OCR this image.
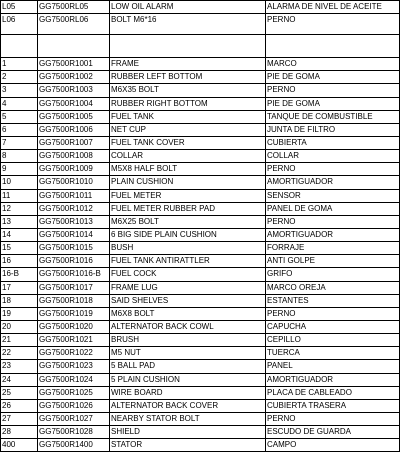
L05	GG7500RL05	LOW OIL ALARM	ALARMA DE NIVEL DE ACEITE
L06	GG7500RL06	BOLT M6*16	PERNO

1	GG7500R1001	FRAME	MARCO
2	GG7500R1002	RUBBER LEFT BOTTOM	PIE DE GOMA
3	GG7500R1003	M6X35 BOLT	PERNO
4	GG7500R1004	RUBBER RIGHT BOTTOM	PIE DE GOMA
5	GG7500R1005	FUEL TANK	TANQUE DE COMBUSTIBLE
6	GG7500R1006	NET CUP	JUNTA DE FILTRO
7	GG7500R1007	FUEL TANK COVER	CUBIERTA
8	GG7500R1008	COLLAR	COLLAR
9	GG7500R1009	M5X8 HALF BOLT	PERNO
10	GG7500R1010	PLAIN CUSHION	AMORTIGUADOR
11	GG7500R1011	FUEL METER	SENSOR
12	GG7500R1012	FUEL METER RUBBER PAD	PANEL DE GOMA
13	GG7500R1013	M6X25 BOLT	PERNO
14	GG7500R1014	6 BIG SIDE PLAIN CUSHION	AMORTIGUADOR
15	GG7500R1015	BUSH	FORRAJE
16	GG7500R1016	FUEL TANK ANTIRATTLER	ANTI GOLPE
16-B	GG7500R1016-B	FUEL COCK	GRIFO
17	GG7500R1017	FRAME LUG	MARCO OREJA
18	GG7500R1018	SAID SHELVES	ESTANTES
19	GG7500R1019	M6X8 BOLT	PERNO
20	GG7500R1020	ALTERNATOR BACK COWL	CAPUCHA
21	GG7500R1021	BRUSH	CEPILLO
22	GG7500R1022	M5 NUT	TUERCA
23	GG7500R1023	5 BALL PAD	PANEL
24	GG7500R1024	5 PLAIN CUSHION	AMORTIGUADOR
25	GG7500R1025	WIRE BOARD	PLACA DE CABLEADO
26	GG7500R1026	ALTERNATOR BACK COVER	CUBIERTA TRASERA
27	GG7500R1027	NEARBY STATOR BOLT	PERNO
28	GG7500R1028	SHIELD	ESCUDO DE GUARDA
400	GG7500R1400	STATOR	CAMPO
